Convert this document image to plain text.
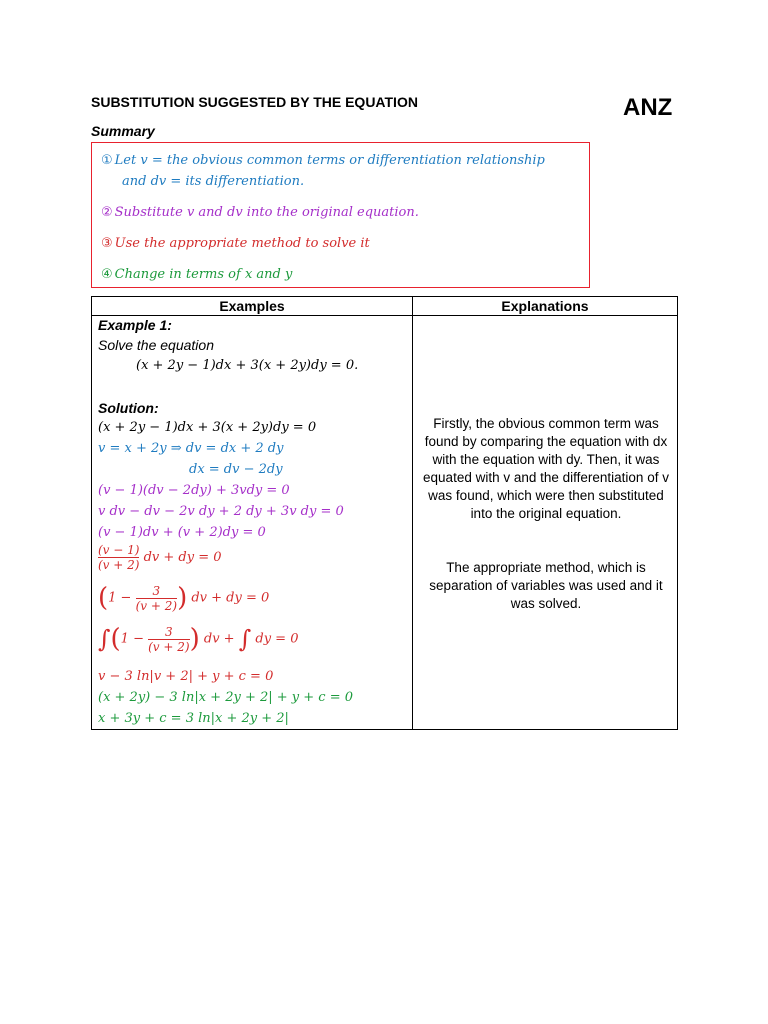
SUBSTITUTION SUGGESTED BY THE EQUATION	ANZ
Summary
① Let v = the obvious common terms or differentiation relationship
and dv = its differentiation.
② Substitute v and dv into the original equation.
③ Use the appropriate method to solve it
④ Change in terms of x and y
Examples	Explanations
Example 1:
Solve the equation
(x + 2y − 1)dx + 3(x + 2y)dy = 0.
Solution:
(x + 2y − 1)dx + 3(x + 2y)dy = 0
v = x + 2y ⇒ dv = dx + 2 dy
dx = dv − 2dy
(v − 1)(dv − 2dy) + 3vdy = 0
v dv − dv − 2v dy + 2 dy + 3v dy = 0
(v − 1)dv + (v + 2)dy = 0
$\frac{(v - 1)}{(v + 2)}$ dv + dy = 0
($1 - \frac{3}{(v + 2)}$ ) dv + dy = 0
$\int(1 - \frac{3}{(v + 2)}$ ) dv + ∫ dy = 0
v − 3 ln|v + 2| + y + c = 0
(x + 2y) − 3 ln|x + 2y + 2| + y + c = 0
x + 3y + c = 3 ln|x + 2y + 2|
Firstly, the obvious common term was found by comparing the equation with dx with the equation with dy. Then, it was equated with v and the differentiation of v was found, which were then substituted into the original equation.
The appropriate method, which is separation of variables was used and it was solved.
